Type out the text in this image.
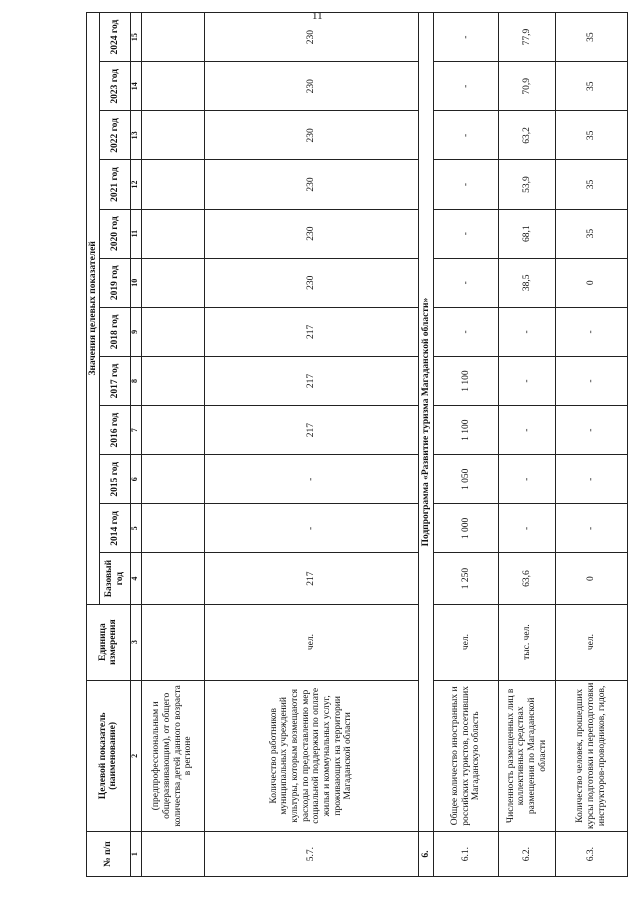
11
№ п/п	Целевой показатель (наименование)	Единица измерения	Значения целевых показателей											
			Базовый год	2014 год	2015 год	2016 год	2017 год	2018 год	2019 год	2020 год	2021 год	2022 год	2023 год	2024 год
1	2	3	4	5	6	7	8	9	10	11	12	13	14	15
	(предпрофессиональным и общеразвивающим), от общего количества детей данного возраста в регионе													
5.7.	Количество работников муниципальных учреждений культуры, которым возмещаются расходы по предоставлению мер социальной поддержки по оплате жилья и коммунальных услуг, проживающих на территории Магаданской области	чел.	217	-	-	217	217	217	230	230	230	230	230	230
6.	Подпрограмма «Развитие туризма Магаданской области»													
6.1.	Общее количество иностранных и российских туристов, посетивших Магаданскую область	чел.	1 250	1 000	1 050	1 100	1 100	-	-	-	-	-	-	-
6.2.	Численность размещенных лиц в коллективных средствах размещения по Магаданской области	тыс. чел.	63,6	-	-	-	-	-	38,5	68,1	53,9	63,2	70,9	77,9
6.3.	Количество человек, прошедших курсы подготовки и переподготовки инструкторов-проводников, гидов,	чел.	0	-	-	-	-	-	0	35	35	35	35	35
